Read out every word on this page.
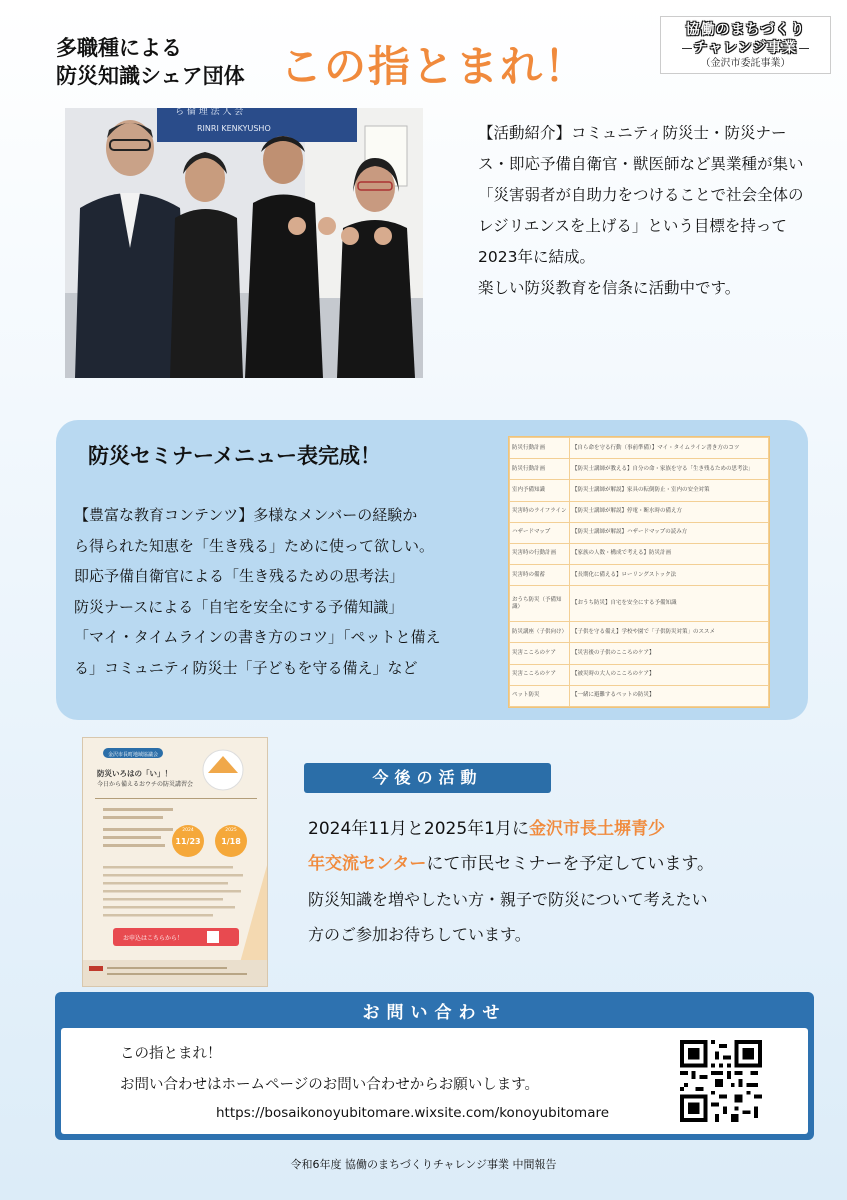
多職種による
防災知識シェア団体 この指とまれ！
協働のまちづくり
チャレンジ事業
（金沢市委託事業）
ら 倫 理 法 人 会
RINRI KENKYUSHO	【活動紹介】コミュニティ防災士・防災ナース・即応予備自衛官・獣医師など異業種が集い「災害弱者が自助力をつけることで社会全体のレジリエンスを上げる」という目標を持って2023年に結成。
楽しい防災教育を信条に活動中です。
防災セミナーメニュー表完成！
【豊富な教育コンテンツ】多様なメンバーの経験か
ら得られた知恵を「生き残る」ために使って欲しい。
即応予備自衛官による「生き残るための思考法」
防災ナースによる「自宅を安全にする予備知識」
「マイ・タイムラインの書き方のコツ」「ペットと備え
る」コミュニティ防災士「子どもを守る備え」など
防災行動計画	【自ら命を守る行動（事前準備）】マイ・タイムライン書き方のコツ
防災行動計画	【防災士講師が教える】自分の命・家族を守る「生き残るための思考法」
室内予備知識	【防災士講師が解説】家具の転倒防止・室内の安全対策
災害時のライフライン	【防災士講師が解説】停電・断水時の備え方
ハザードマップ	【防災士講師が解説】ハザードマップの読み方
災害時の行動計画	【家族の人数・構成で考える】防災計画
災害時の備蓄	【長期化に備える】ローリングストック法
おうち防災（予備知識）	【おうち防災】自宅を安全にする予備知識
防災講座（子供向け）	【子供を守る備え】学校や園で「子供防災対策」のススメ
災害こころのケア	【災害後の子供のこころのケア】
災害こころのケア	【被災時の大人のこころのケア】
ペット防災	【一緒に避難するペットの防災】
金沢市長町地域協議会
防災いろはの「い」！
今日から備えるおウチの防災講習会
2024
11/23
2025
1/18
お申込はこちらから！
今後の活動
2024年11月と2025年1月に金沢市長土塀青少
年交流センターにて市民セミナーを予定しています。
防災知識を増やしたい方・親子で防災について考えたい
方のご参加お待ちしています。
お問い合わせ
この指とまれ！
お問い合わせはホームページのお問い合わせからお願いします。
https://bosaikonoyubitomare.wixsite.com/konoyubitomare
令和6年度 協働のまちづくりチャレンジ事業 中間報告
